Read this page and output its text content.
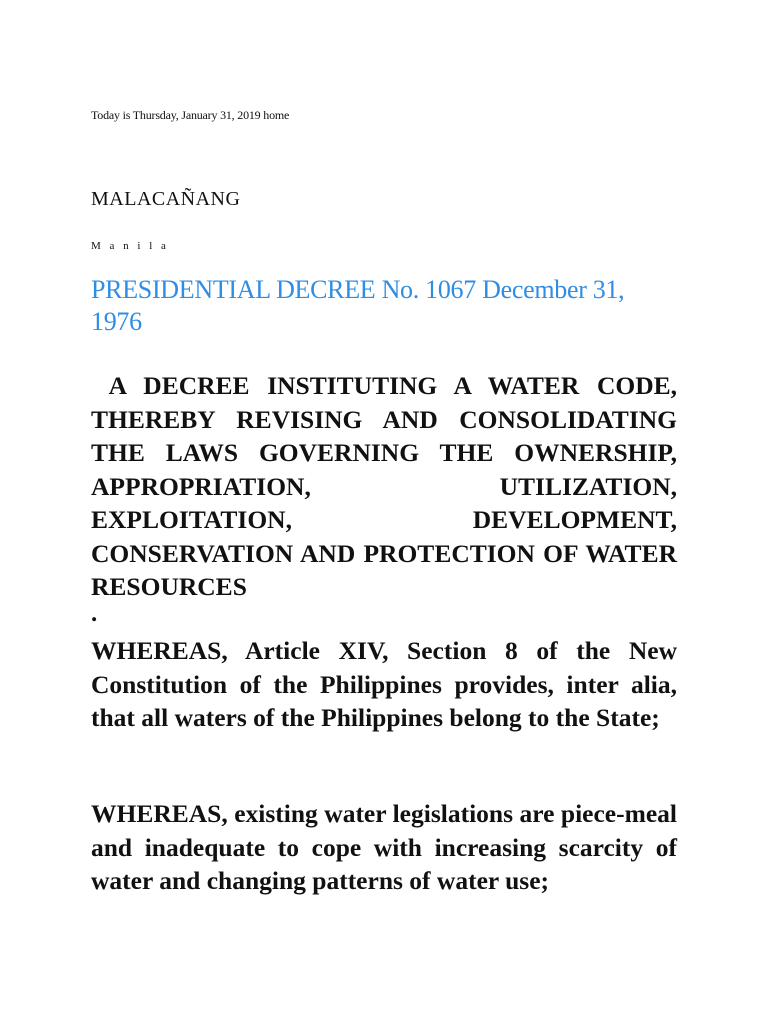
Today is Thursday, January 31, 2019 home
MALACAÑANG
M a n i l a
PRESIDENTIAL DECREE No. 1067 December 31, 1976
A DECREE INSTITUTING A WATER CODE, THEREBY REVISING AND CONSOLIDATING THE LAWS GOVERNING THE OWNERSHIP, APPROPRIATION, UTILIZATION, EXPLOITATION, DEVELOPMENT, CONSERVATION AND PROTECTION OF WATER RESOURCES
.
WHEREAS, Article XIV, Section 8 of the New Constitution of the Philippines provides, inter alia, that all waters of the Philippines belong to the State;
WHEREAS, existing water legislations are piece-meal and inadequate to cope with increasing scarcity of water and changing patterns of water use;
